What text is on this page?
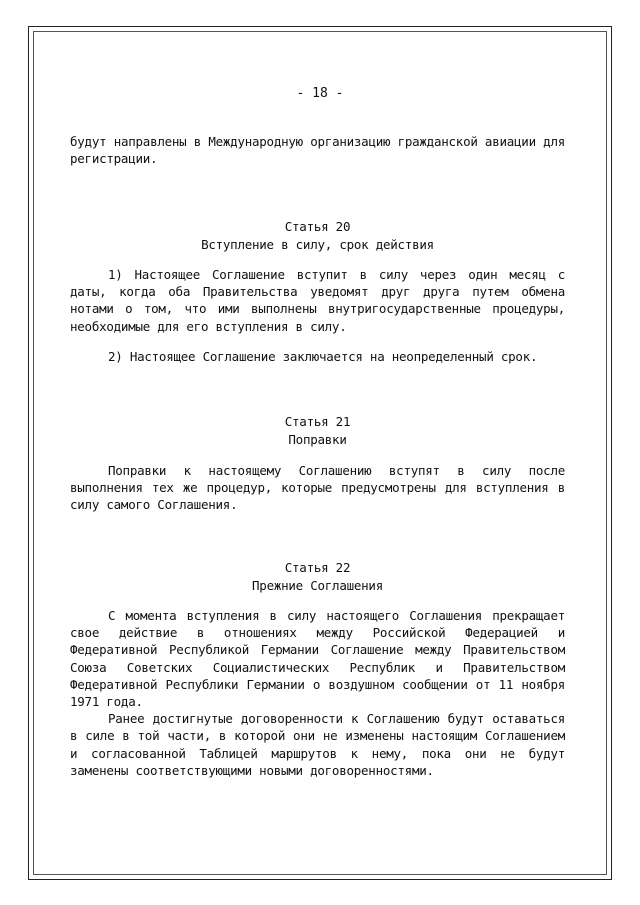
- 18 -

будут направлены в Международную организацию гражданской авиации для регистрации.

Статья 20
Вступление в силу, срок действия

1) Настоящее Соглашение вступит в силу через один месяц с даты, когда оба Правительства уведомят друг друга путем обмена нотами о том, что ими выполнены внутригосударственные процедуры, необходимые для его вступления в силу.

2) Настоящее Соглашение заключается на неопределенный срок.

Статья 21
Поправки

Поправки к настоящему Соглашению вступят в силу после выполнения тех же процедур, которые предусмотрены для вступления в силу самого Соглашения.

Статья 22
Прежние Соглашения

С момента вступления в силу настоящего Соглашения прекращает свое действие в отношениях между Российской Федерацией и Федеративной Республикой Германии Соглашение между Правительством Союза Советских Социалистических Республик и Правительством Федеративной Республики Германии о воздушном сообщении от 11 ноября 1971 года.

Ранее достигнутые договоренности к Соглашению будут оставаться в силе в той части, в которой они не изменены настоящим Соглашением и согласованной Таблицей маршрутов к нему, пока они не будут заменены соответствующими новыми договоренностями.
